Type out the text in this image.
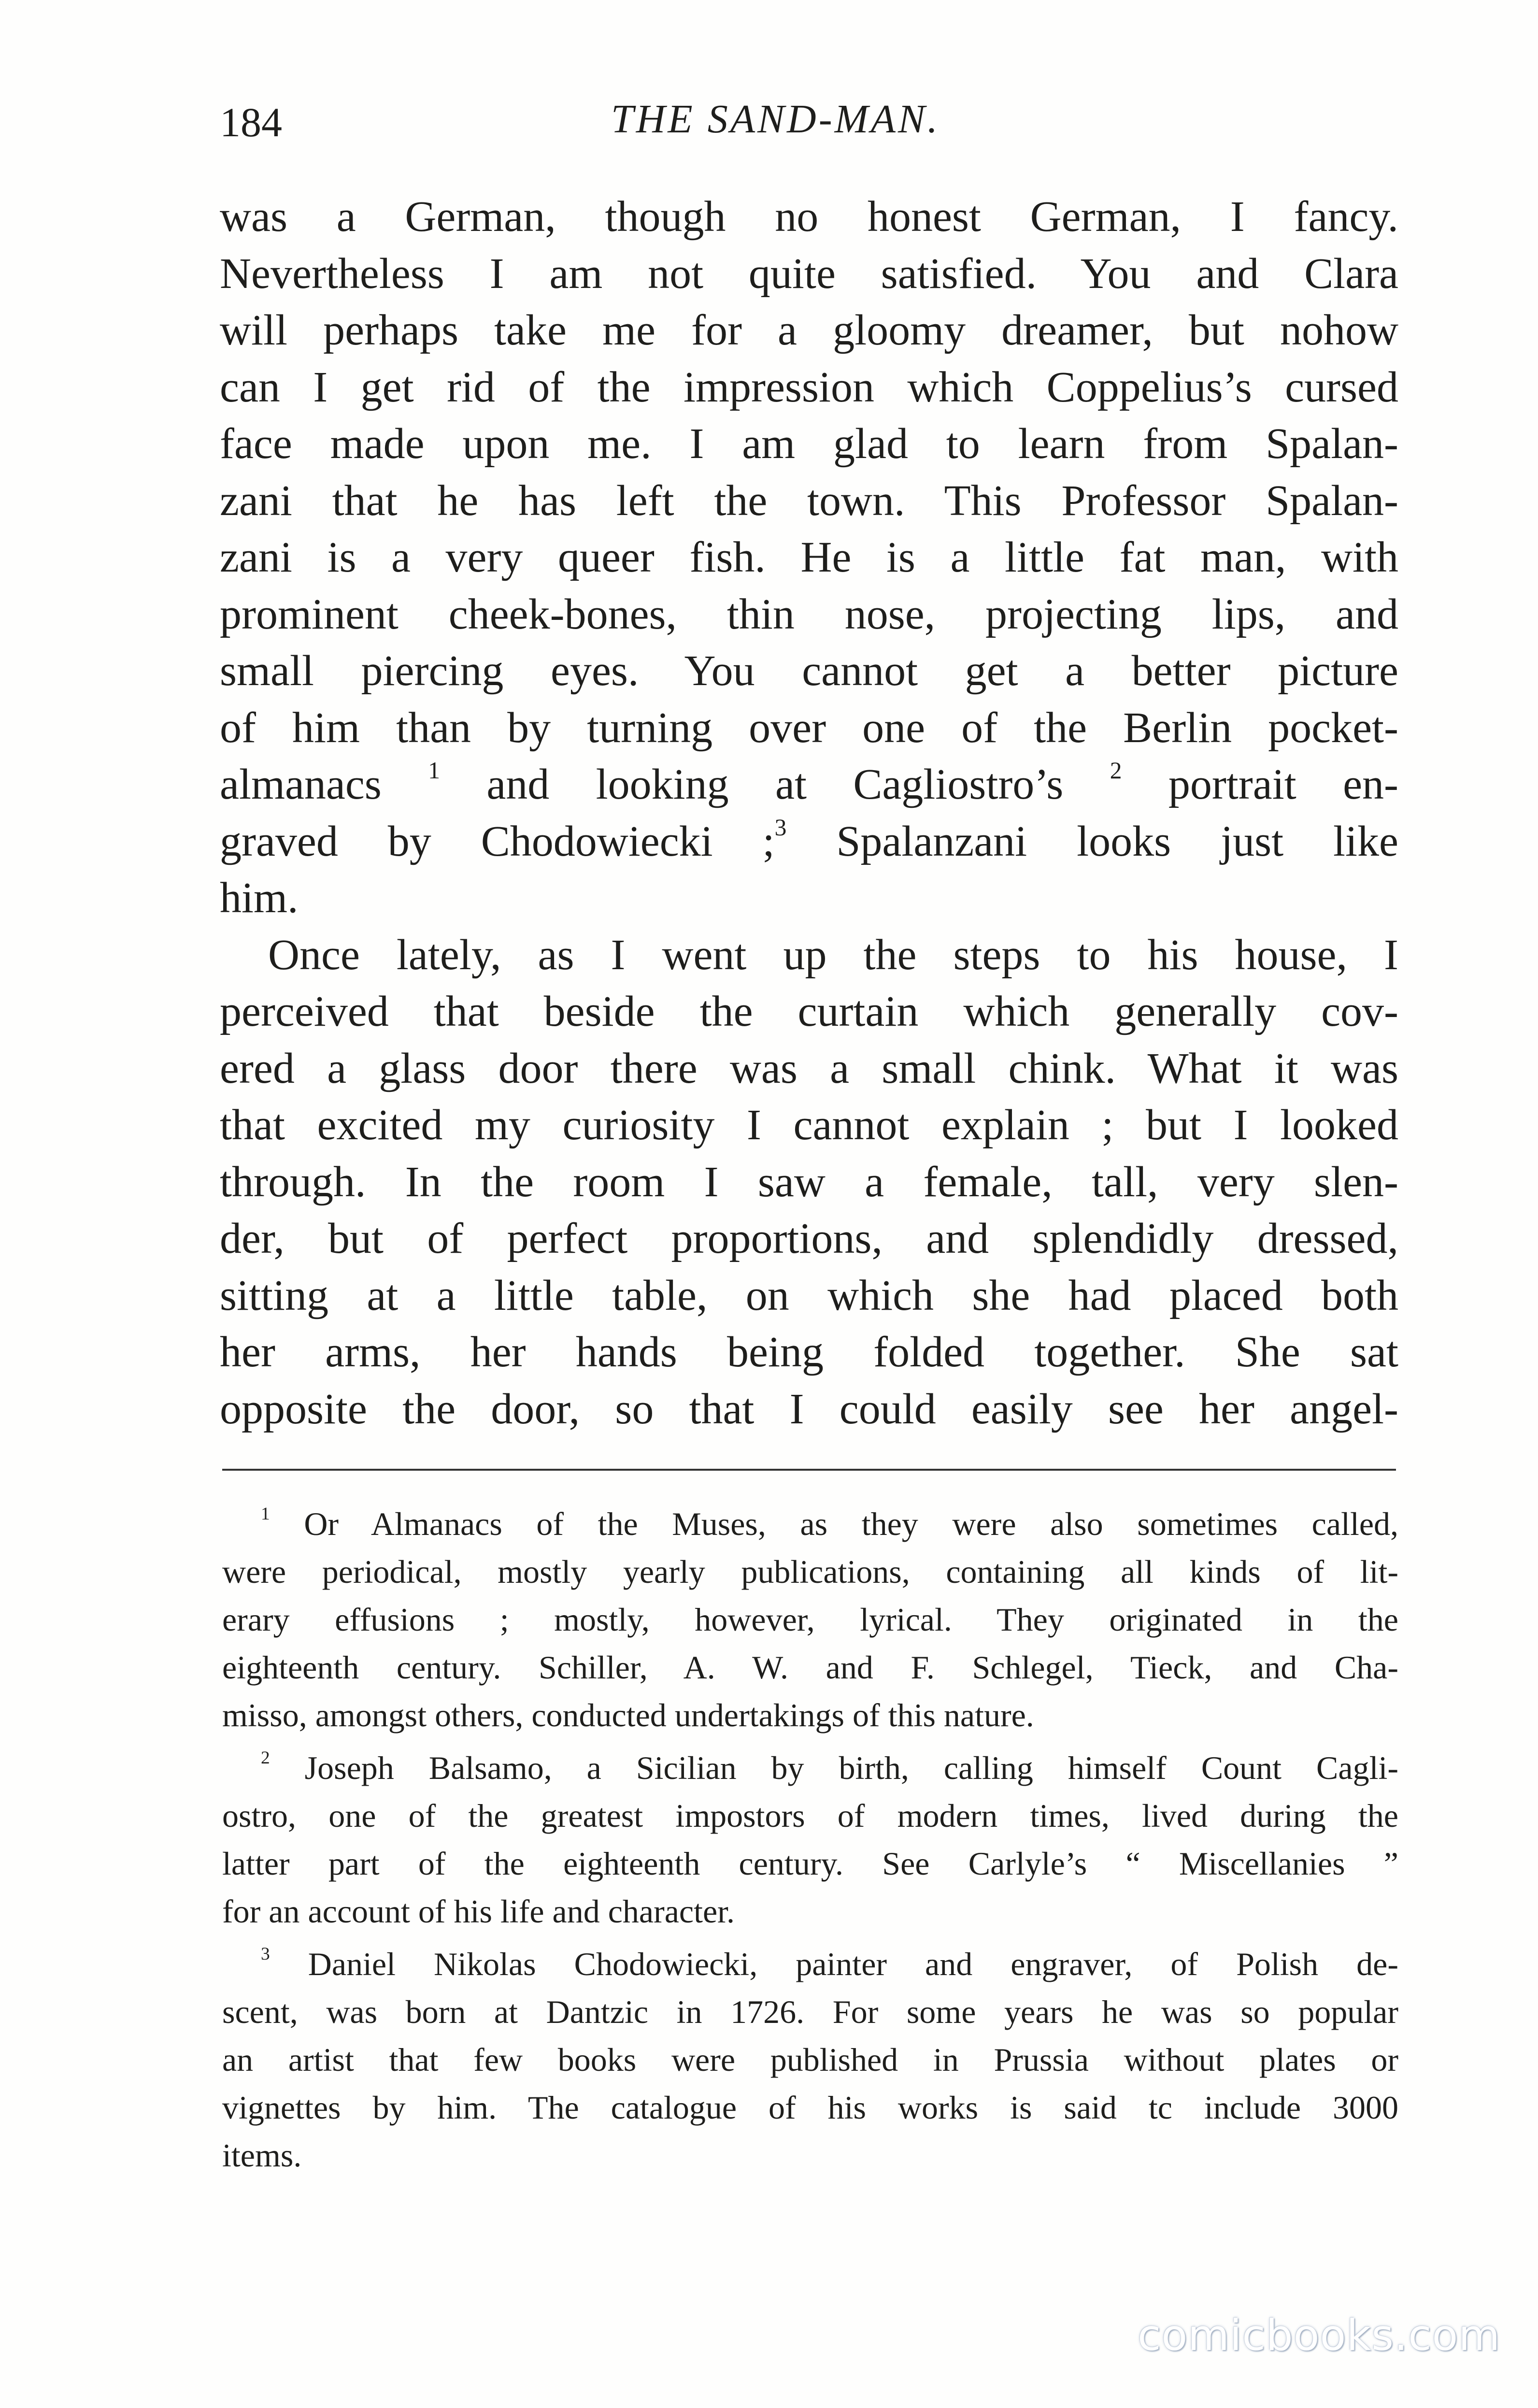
184	THE SAND-MAN.
was a German, though no honest German, I fancy.
Nevertheless I am not quite satisfied. You and Clara
will perhaps take me for a gloomy dreamer, but nohow
can I get rid of the impression which Coppelius’s cursed
face made upon me. I am glad to learn from Spalan-
zani that he has left the town. This Professor Spalan-
zani is a very queer fish. He is a little fat man, with
prominent cheek-bones, thin nose, projecting lips, and
small piercing eyes. You cannot get a better picture
of him than by turning over one of the Berlin pocket-
almanacs $^1$ and looking at Cagliostro’s $^2$ portrait en-
graved by Chodowiecki ;$^3$ Spalanzani looks just like
him.
Once lately, as I went up the steps to his house, I
perceived that beside the curtain which generally cov-
ered a glass door there was a small chink. What it was
that excited my curiosity I cannot explain ; but I looked
through. In the room I saw a female, tall, very slen-
der, but of perfect proportions, and splendidly dressed,
sitting at a little table, on which she had placed both
her arms, her hands being folded together. She sat
opposite the door, so that I could easily see her angel-
$^1$ Or Almanacs of the Muses, as they were also sometimes called,
were periodical, mostly yearly publications, containing all kinds of lit-
erary effusions ; mostly, however, lyrical. They originated in the
eighteenth century. Schiller, A. W. and F. Schlegel, Tieck, and Cha-
misso, amongst others, conducted undertakings of this nature.
$^2$ Joseph Balsamo, a Sicilian by birth, calling himself Count Cagli-
ostro, one of the greatest impostors of modern times, lived during the
latter part of the eighteenth century. See Carlyle’s “ Miscellanies ”
for an account of his life and character.
$^3$ Daniel Nikolas Chodowiecki, painter and engraver, of Polish de-
scent, was born at Dantzic in 1726. For some years he was so popular
an artist that few books were published in Prussia without plates or
vignettes by him. The catalogue of his works is said tc include 3000
items.
comicbooks.com
